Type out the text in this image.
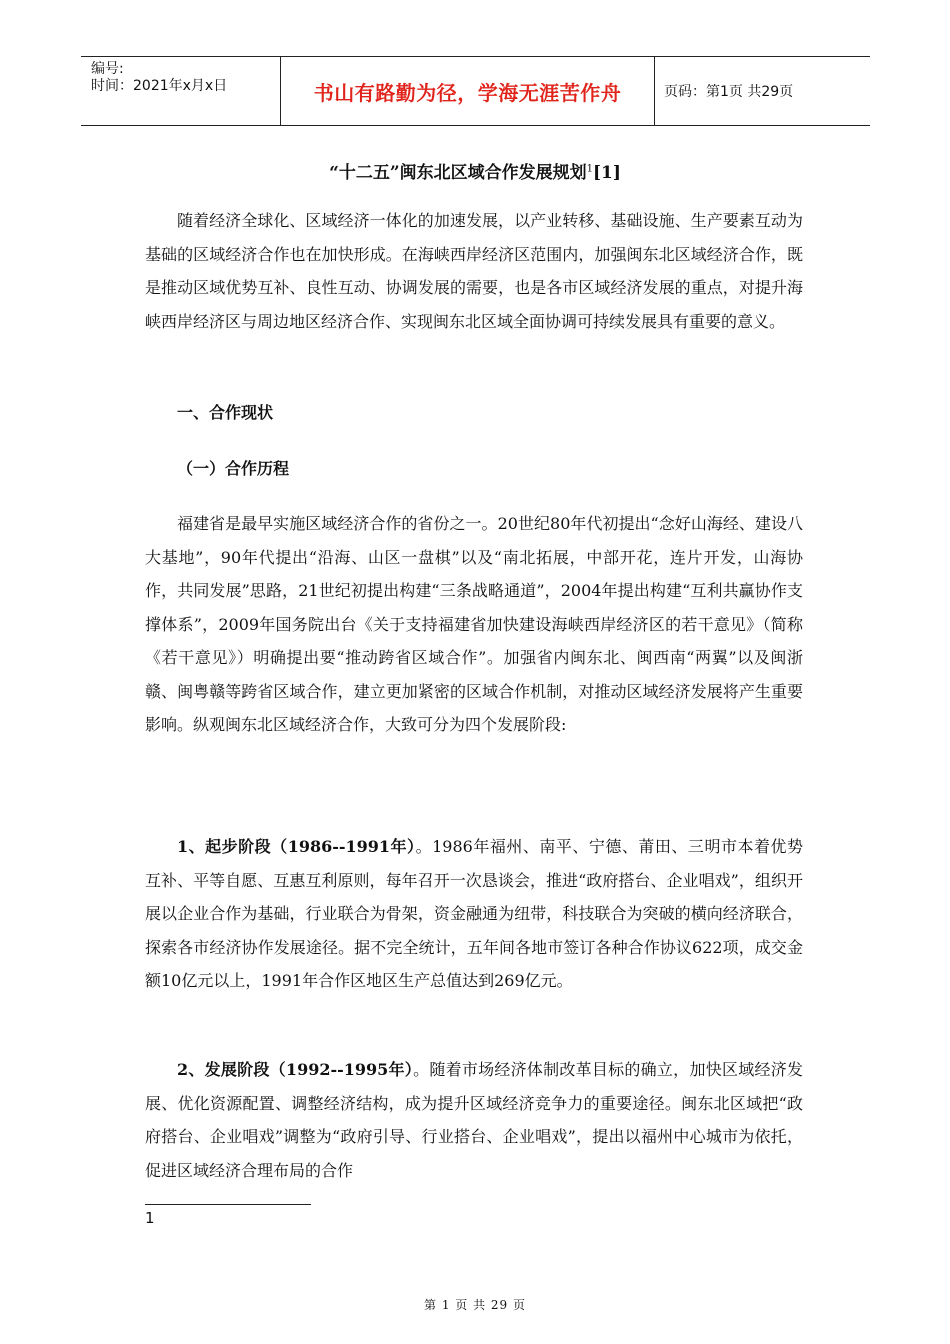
编号:
时间：2021年x月x日	书山有路勤为径，学海无涯苦作舟	页码：第1页 共29页
“十二五”闽东北区域合作发展规划$^1$[1]

随着经济全球化、区域经济一体化的加速发展，以产业转移、基础设施、生产要素互动为基础的区域经济合作也在加快形成。在海峡西岸经济区范围内，加强闽东北区域经济合作，既是推动区域优势互补、良性互动、协调发展的需要，也是各市区域经济发展的重点，对提升海峡西岸经济区与周边地区经济合作、实现闽东北区域全面协调可持续发展具有重要的意义。

一、合作现状
（一）合作历程

福建省是最早实施区域经济合作的省份之一。20世纪80年代初提出“念好山海经、建设八大基地”，90年代提出“沿海、山区一盘棋”以及“南北拓展，中部开花，连片开发，山海协作，共同发展”思路，21世纪初提出构建“三条战略通道”，2004年提出构建“互利共赢协作支撑体系”，2009年国务院出台《关于支持福建省加快建设海峡西岸经济区的若干意见》（简称《若干意见》）明确提出要“推动跨省区域合作”。加强省内闽东北、闽西南“两翼”以及闽浙赣、闽粤赣等跨省区域合作，建立更加紧密的区域合作机制，对推动区域经济发展将产生重要影响。纵观闽东北区域经济合作，大致可分为四个发展阶段:

1、起步阶段（1986--1991年）。1986年福州、南平、宁德、莆田、三明市本着优势互补、平等自愿、互惠互利原则，每年召开一次恳谈会，推进“政府搭台、企业唱戏”，组织开展以企业合作为基础，行业联合为骨架，资金融通为纽带，科技联合为突破的横向经济联合，探索各市经济协作发展途径。据不完全统计，五年间各地市签订各种合作协议622项，成交金额10亿元以上，1991年合作区地区生产总值达到269亿元。

2、发展阶段（1992--1995年）。随着市场经济体制改革目标的确立，加快区域经济发展、优化资源配置、调整经济结构，成为提升区域经济竞争力的重要途径。闽东北区域把“政府搭台、企业唱戏”调整为“政府引导、行业搭台、企业唱戏”，提出以福州中心城市为依托，促进区域经济合理布局的合作

1
第 1 页 共 29 页
